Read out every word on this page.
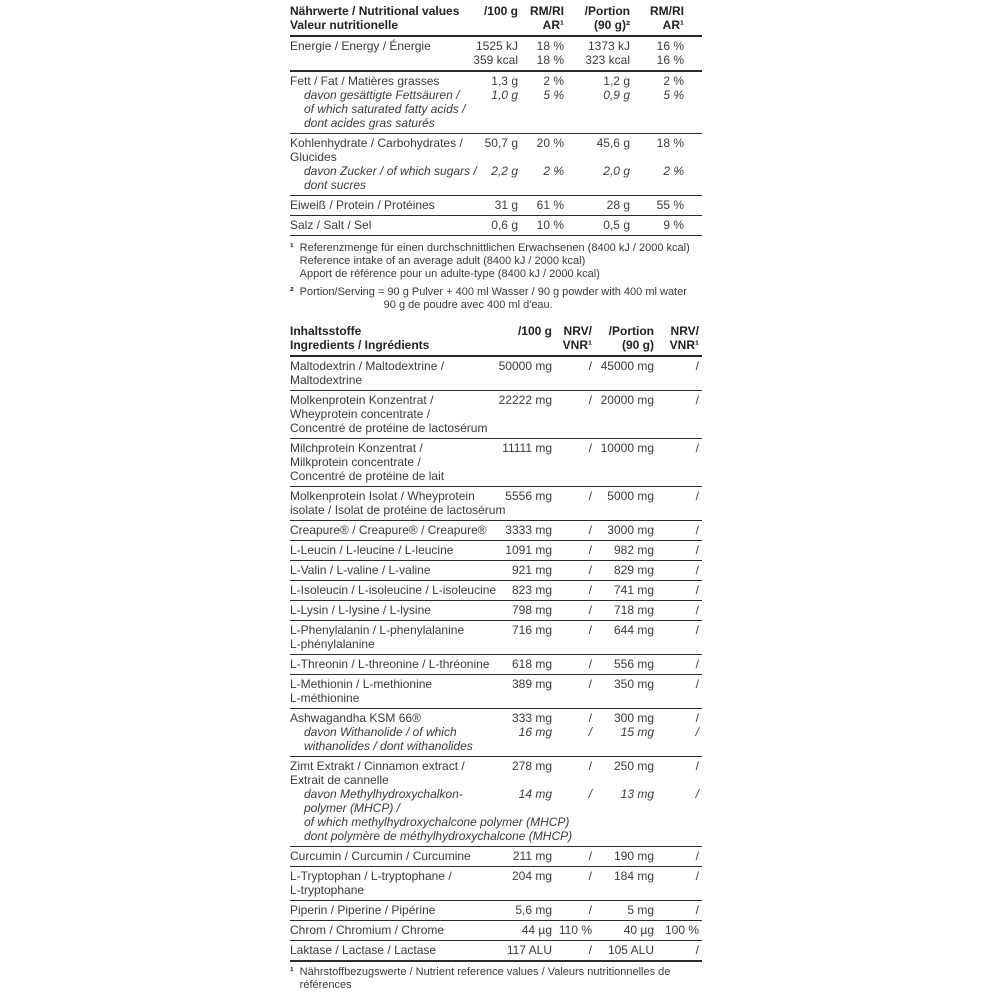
Nährwerte / Nutritional values
Valeur nutritionelle
/100 g	RM/RI
AR¹
/Portion
(90 g)²
RM/RI
AR¹
Energie / Energy / Énergie	1525 kJ	18 %	1373 kJ	16 %
359 kcal	18 %	323 kcal	16 %
Fett / Fat / Matières grasses	1,3 g	2 %	1,2 g	2 %
davon gesättigte Fettsäuren /	1,0 g	5 %	0,9 g	5 %
of which saturated fatty acids /
dont acides gras saturés
Kohlenhydrate / Carbohydrates /	50,7 g	20 %	45,6 g	18 %
Glucides
davon Zucker / of which sugars /	2,2 g	2 %	2,0 g	2 %
dont sucres
Eiweiß / Protein / Protéines	31 g	61 %	28 g	55 %
Salz / Salt / Sel	0,6 g	10 %	0,5 g	9 %
¹ Referenzmenge für einen durchschnittlichen Erwachsenen (8400 kJ / 2000 kcal)
Reference intake of an average adult (8400 kJ / 2000 kcal)
Apport de référence pour un adulte-type (8400 kJ / 2000 kcal)
² Portion/Serving = 90 g Pulver + 400 ml Wasser / 90 g powder with 400 ml water
90 g de poudre avec 400 ml d'eau.
Inhaltsstoffe
Ingredients / Ingrédients
/100 g NRV/
VNR¹
/Portion
(90 g)
NRV/
VNR¹
Maltodextrin / Maltodextrine /	50000 mg	/ 45000 mg	/
Maltodextrine
Molkenprotein Konzentrat /	22222 mg	/ 20000 mg	/
Wheyprotein concentrate /
Concentré de protéine de lactosérum
Milchprotein Konzentrat /	11111 mg	/ 10000 mg	/
Milkprotein concentrate /
Concentré de protéine de lait
Molkenprotein Isolat / Wheyprotein	5556 mg	/	5000 mg	/
isolate / Isolat de protéine de lactosérum
Creapure® / Creapure® / Creapure®	3333 mg	/	3000 mg	/
L-Leucin / L-leucine / L-leucine	1091 mg	/	982 mg	/
L-Valin / L-valine / L-valine	921 mg	/	829 mg	/
L-Isoleucin / L-isoleucine / L-isoleucine	823 mg	/	741 mg	/
L-Lysin / L-lysine / L-lysine	798 mg	/	718 mg	/
L-Phenylalanin / L-phenylalanine	716 mg	/	644 mg	/
L-phénylalanine
L-Threonin / L-threonine / L-thréonine	618 mg	/	556 mg	/
L-Methionin / L-methionine	389 mg	/	350 mg	/
L-méthionine
Ashwagandha KSM 66®	333 mg	/	300 mg	/
davon Withanolide / of which	16 mg	/	15 mg	/
withanolides / dont withanolides
Zimt Extrakt / Cinnamon extract /	278 mg	/	250 mg	/
Extrait de cannelle
davon Methylhydroxychalkon-	14 mg	/	13 mg	/
polymer (MHCP) /
of which methylhydroxychalcone polymer (MHCP)
dont polymère de méthylhydroxychalcone (MHCP)
Curcumin / Curcumin / Curcumine	211 mg	/	190 mg	/
L-Tryptophan / L-tryptophane /	204 mg	/	184 mg	/
L-tryptophane
Piperin / Piperine / Pipérine	5,6 mg	/	5 mg	/
Chrom / Chromium / Chrome	44 µg 110 %	40 µg 100 %
Laktase / Lactase / Lactase	117 ALU	/	105 ALU	/
¹ Nährstoffbezugswerte / Nutrient reference values / Valeurs nutritionnelles de références
